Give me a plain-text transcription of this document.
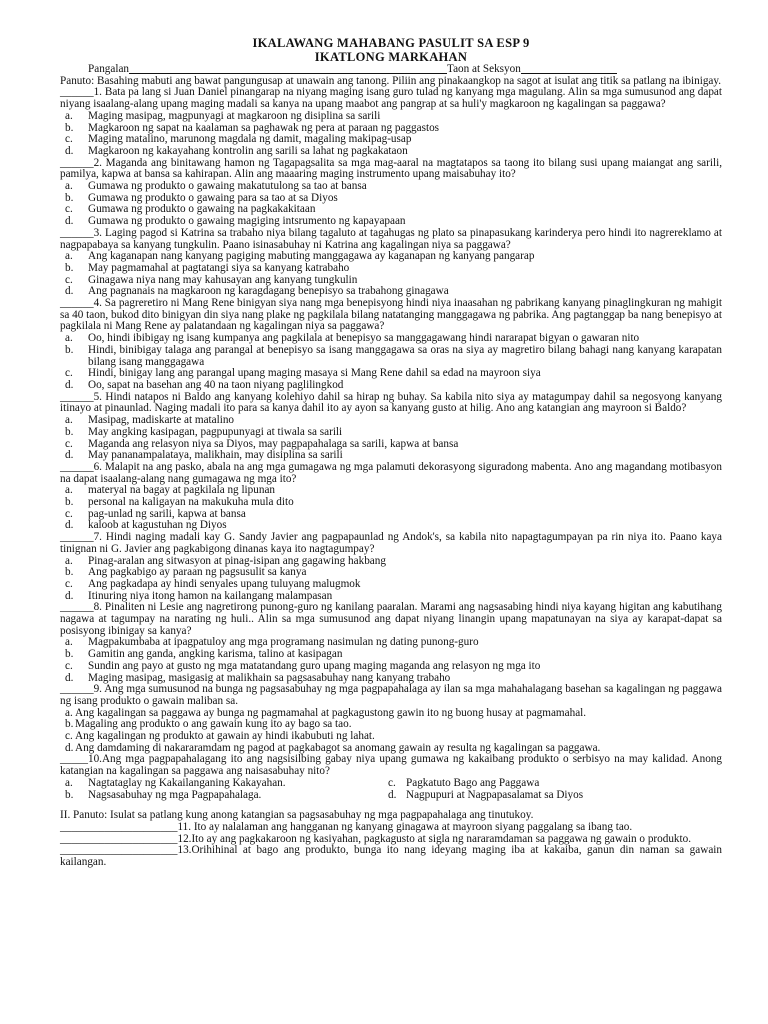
IKALAWANG MAHABANG PASULIT SA ESP 9
IKATLONG MARKAHAN
Pangalan	Taon at Seksyon
Panuto: Basahing mabuti ang bawat pangungusap at unawain ang tanong. Piliin ang pinakaangkop na sagot at isulat ang titik sa patlang na ibinigay.
______1. Bata pa lang si Juan Daniel pinangarap na niyang maging isang guro tulad ng kanyang mga magulang. Alin sa mga sumusunod ang dapat niyang isaalang-alang upang maging madali sa kanya na upang maabot ang pangrap at sa huli'y magkaroon ng kagalingan sa paggawa?
a.	Maging masipag, magpunyagi at magkaroon ng disiplina sa sarili
b.	Magkaroon ng sapat na kaalaman sa paghawak ng pera at paraan ng paggastos
c.	Maging matalino, marunong magdala ng damit, magaling makipag-usap
d.	Magkaroon ng kakayahang kontrolin ang sarili sa lahat ng pagkakataon
______2. Maganda ang binitawang hamon ng Tagapagsalita sa mga mag-aaral na magtatapos sa taong ito bilang susi upang maiangat ang sarili, pamilya, kapwa at bansa sa kahirapan. Alin ang maaaring maging instrumento upang maisabuhay ito?
a.	Gumawa ng produkto o gawaing makatutulong sa tao at bansa
b.	Gumawa ng produkto o gawaing para sa tao at sa Diyos
c.	Gumawa ng produkto o gawaing na pagkakakitaan
d.	Gumawa ng produkto o gawaing magiging intsrumento ng kapayapaan
______3. Laging pagod si Katrina sa trabaho niya bilang tagaluto at tagahugas ng plato sa pinapasukang karinderya pero hindi ito nagrereklamo at nagpapabaya sa kanyang tungkulin. Paano isinasabuhay ni Katrina ang kagalingan niya sa paggawa?
a.	Ang kaganapan nang kanyang pagiging mabuting manggagawa ay kaganapan ng kanyang pangarap
b.	May pagmamahal at pagtatangi siya sa kanyang katrabaho
c.	Ginagawa niya nang may kahusayan ang kanyang tungkulin
d.	Ang pagnanais na magkaroon ng karagdagang benepisyo sa trabahong ginagawa
______4. Sa pagreretiro ni Mang Rene binigyan siya nang mga benepisyong hindi niya inaasahan ng pabrikang kanyang pinaglingkuran ng mahigit sa 40 taon, bukod dito binigyan din siya nang plake ng pagkilala bilang natatanging manggagawa ng pabrika. Ang pagtanggap ba nang benepisyo at pagkilala ni Mang Rene ay palatandaan ng kagalingan niya sa paggawa?
a.	Oo, hindi ibibigay ng isang kumpanya ang pagkilala at benepisyo sa manggagawang hindi nararapat bigyan o gawaran nito
b.	Hindi, binibigay talaga ang parangal at benepisyo sa isang manggagawa sa oras na siya ay magretiro bilang bahagi nang kanyang karapatan bilang isang manggagawa
c.	Hindi, binigay lang ang parangal upang maging masaya si Mang Rene dahil sa edad na mayroon siya
d.	Oo, sapat na basehan ang 40 na taon niyang paglilingkod
______5. Hindi natapos ni Baldo ang kanyang kolehiyo dahil sa hirap ng buhay. Sa kabila nito siya ay matagumpay dahil sa negosyong kanyang itinayo at pinaunlad. Naging madali ito para sa kanya dahil ito ay ayon sa kanyang gusto at hilig. Ano ang katangian ang mayroon si Baldo?
a.	Masipag, madiskarte at matalino
b.	May angking kasipagan, pagpupunyagi at tiwala sa sarili
c.	Maganda ang relasyon niya sa Diyos, may pagpapahalaga sa sarili, kapwa at bansa
d.	May pananampalataya, malikhain, may disiplina sa sarili
______6. Malapit na ang pasko, abala na ang mga gumagawa ng mga palamuti dekorasyong siguradong mabenta. Ano ang magandang motibasyon na dapat isaalang-alang nang gumagawa ng mga ito?
a.	materyal na bagay at pagkilala ng lipunan
b.	personal na kaligayan na makukuha mula dito
c.	pag-unlad ng sarili, kapwa at bansa
d.	kaloob at kagustuhan ng Diyos
______7. Hindi naging madali kay G. Sandy Javier ang pagpapaunlad ng Andok's, sa kabila nito napagtagumpayan pa rin niya ito. Paano kaya tinignan ni G. Javier ang pagkabigong dinanas kaya ito nagtagumpay?
a.	Pinag-aralan ang sitwasyon at pinag-isipan ang gagawing hakbang
b.	Ang pagkabigo ay paraan ng pagsusulit sa kanya
c.	Ang pagkadapa ay hindi senyales upang tuluyang malugmok
d.	Itinuring niya itong hamon na kailangang malampasan
______8. Pinaliten ni Lesie ang nagretirong punong-guro ng kanilang paaralan. Marami ang nagsasabing hindi niya kayang higitan ang kabutihang nagawa at tagumpay na narating ng huli.. Alin sa mga sumusunod ang dapat niyang linangin upang mapatunayan na siya ay karapat-dapat sa posisyong ibinigay sa kanya?
a.	Magpakumbaba at ipagpatuloy ang mga programang nasimulan ng dating punong-guro
b.	Gamitin ang ganda, angking karisma, talino at kasipagan
c.	Sundin ang payo at gusto ng mga matatandang guro upang maging maganda ang relasyon ng mga ito
d.	Maging masipag, masigasig at malikhain sa pagsasabuhay nang kanyang trabaho
______9. Ang mga sumusunod na bunga ng pagsasabuhay ng mga pagpapahalaga ay ilan sa mga mahahalagang basehan sa kagalingan ng paggawa ng isang produkto o gawain maliban sa.
a. Ang kagalingan sa paggawa ay bunga ng pagmamahal at pagkagustong gawin ito ng buong husay at pagmamahal.
b. Magaling ang produkto o ang gawain kung ito ay bago sa tao.
c. Ang kagalingan ng produkto at gawain ay hindi ikabubuti ng lahat.
d. Ang damdaming di nakararamdam ng pagod at pagkabagot sa anomang gawain ay resulta ng kagalingan sa paggawa.
_____10.Ang mga pagpapahalagang ito ang nagsisilbing gabay niya upang gumawa ng kakaibang produkto o serbisyo na may kalidad. Anong katangian na kagalingan sa paggawa ang naisasabuhay nito?
a.	Nagtataglay ng Kakailanganing Kakayahan.	c. Pagkatuto Bago ang Paggawa
b.	Nagsasabuhay ng mga Pagpapahalaga.	d. Nagpupuri at Nagpapasalamat sa Diyos
II. Panuto: Isulat sa patlang kung anong katangian sa pagsasabuhay ng mga pagpapahalaga ang tinutukoy.
_____________________11. Ito ay nalalaman ang hangganan ng kanyang ginagawa at mayroon siyang paggalang sa ibang tao.
_____________________12.Ito ay ang pagkakaroon ng kasiyahan, pagkagusto at sigla ng nararamdaman sa paggawa ng gawain o produkto.
_____________________13.Orihihinal at bago ang produkto, bunga ito nang ideyang maging iba at kakaiba, ganun din naman sa gawain kailangan.
